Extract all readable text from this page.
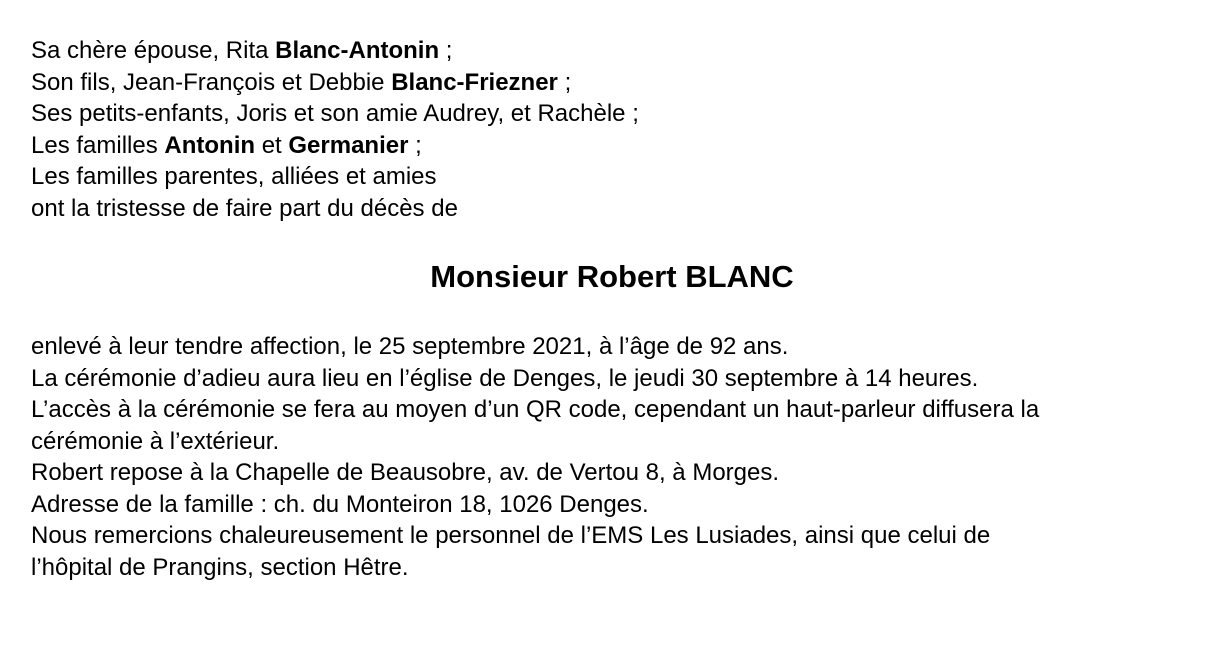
Sa chère épouse, Rita Blanc-Antonin ;
Son fils, Jean-François et Debbie Blanc-Friezner ;
Ses petits-enfants, Joris et son amie Audrey, et Rachèle ;
Les familles Antonin et Germanier ;
Les familles parentes, alliées et amies
ont la tristesse de faire part du décès de
Monsieur Robert BLANC
enlevé à leur tendre affection, le 25 septembre 2021, à l’âge de 92 ans.
La cérémonie d’adieu aura lieu en l’église de Denges, le jeudi 30 septembre à 14 heures.
L’accès à la cérémonie se fera au moyen d’un QR code, cependant un haut-parleur diffusera la
cérémonie à l’extérieur.
Robert repose à la Chapelle de Beausobre, av. de Vertou 8, à Morges.
Adresse de la famille : ch. du Monteiron 18, 1026 Denges.
Nous remercions chaleureusement le personnel de l’EMS Les Lusiades, ainsi que celui de
l’hôpital de Prangins, section Hêtre.
